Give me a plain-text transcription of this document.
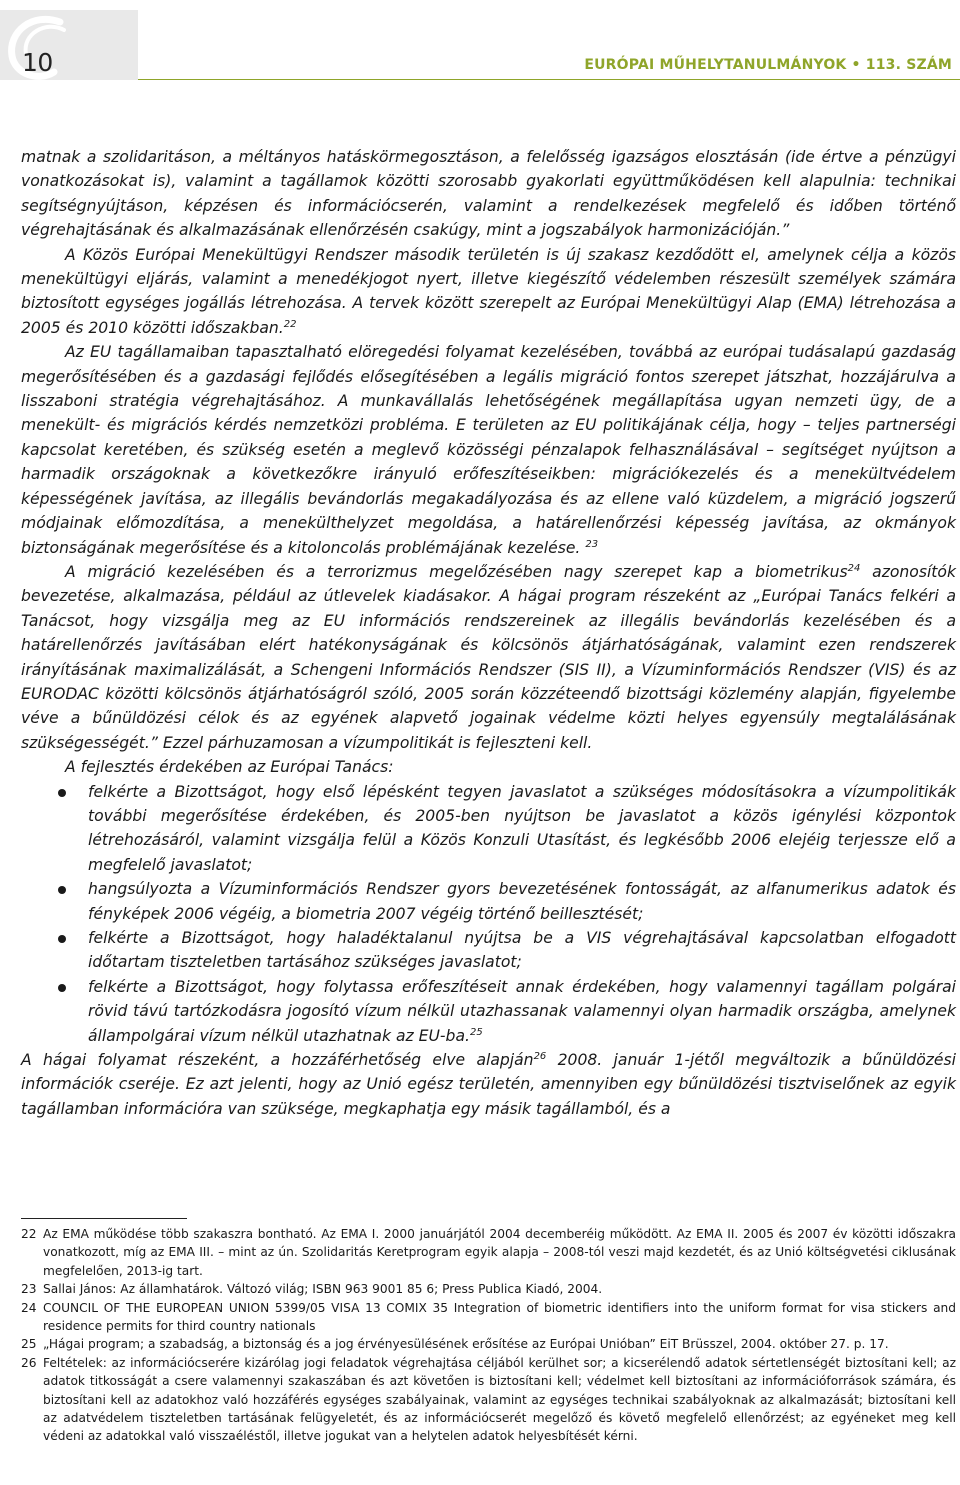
10	EURÓPAI MŰHELYTANULMÁNYOK • 113. SZÁM

matnak a szolidaritáson, a méltányos hatáskörmegosztáson, a felelősség igazságos elosztásán (ide értve a pénzügyi vonatkozásokat is), valamint a tagállamok közötti szorosabb gyakorlati együttműködésen kell alapulnia: technikai segítségnyújtáson, képzésen és információcserén, valamint a rendelkezések megfelelő és időben történő végrehajtásának és alkalmazásának ellenőrzésén csakúgy, mint a jogszabályok harmonizációján.”

A Közös Európai Menekültügyi Rendszer második területén is új szakasz kezdődött el, amelynek célja a közös menekültügyi eljárás, valamint a menedékjogot nyert, illetve kiegészítő védelemben részesült személyek számára biztosított egységes jogállás létrehozása. A tervek között szerepelt az Európai Menekültügyi Alap (EMA) létrehozása a 2005 és 2010 közötti időszakban.$^{22}$

Az EU tagállamaiban tapasztalható elöregedési folyamat kezelésében, továbbá az európai tudásalapú gazdaság megerősítésében és a gazdasági fejlődés elősegítésében a legális migráció fontos szerepet játszhat, hozzájárulva a lisszaboni stratégia végrehajtásához. A munkavállalás lehetőségének megállapítása ugyan nemzeti ügy, de a menekült- és migrációs kérdés nemzetközi probléma. E területen az EU politikájának célja, hogy – teljes partnerségi kapcsolat keretében, és szükség esetén a meglevő közösségi pénzalapok felhasználásával – segítséget nyújtson a harmadik országoknak a következőkre irányuló erőfeszítéseikben: migrációkezelés és a menekültvédelem képességének javítása, az illegális bevándorlás megakadályozása és az ellene való küzdelem, a migráció jogszerű módjainak előmozdítása, a menekülthelyzet megoldása, a határellenőrzési képesség javítása, az okmányok biztonságának megerősítése és a kitoloncolás problémájának kezelése. $^{23}$

A migráció kezelésében és a terrorizmus megelőzésében nagy szerepet kap a biometrikus$^{24}$ azonosítók bevezetése, alkalmazása, például az útlevelek kiadásakor. A hágai program részeként az „Európai Tanács felkéri a Tanácsot, hogy vizsgálja meg az EU információs rendszereinek az illegális bevándorlás kezelésében és a határellenőrzés javításában elért hatékonyságának és kölcsönös átjárhatóságának, valamint ezen rendszerek irányításának maximalizálását, a Schengeni Információs Rendszer (SIS II), a Vízuminformációs Rendszer (VIS) és az EURODAC közötti kölcsönös átjárhatóságról szóló, 2005 során közzéteendő bizottsági közlemény alapján, figyelembe véve a bűnüldözési célok és az egyének alapvető jogainak védelme közti helyes egyensúly megtalálásának szükségességét.” Ezzel párhuzamosan a vízumpolitikát is fejleszteni kell.

A fejlesztés érdekében az Európai Tanács:

felkérte a Bizottságot, hogy első lépésként tegyen javaslatot a szükséges módosításokra a vízumpolitikák további megerősítése érdekében, és 2005-ben nyújtson be javaslatot a közös igénylési központok létrehozásáról, valamint vizsgálja felül a Közös Konzuli Utasítást, és legkésőbb 2006 elejéig terjessze elő a megfelelő javaslatot;
hangsúlyozta a Vízuminformációs Rendszer gyors bevezetésének fontosságát, az alfanumerikus adatok és fényképek 2006 végéig, a biometria 2007 végéig történő beillesztését;
felkérte a Bizottságot, hogy haladéktalanul nyújtsa be a VIS végrehajtásával kapcsolatban elfogadott időtartam tiszteletben tartásához szükséges javaslatot;
felkérte a Bizottságot, hogy folytassa erőfeszítéseit annak érdekében, hogy valamennyi tagállam polgárai rövid távú tartózkodásra jogosító vízum nélkül utazhassanak valamennyi olyan harmadik országba, amelynek állampolgárai vízum nélkül utazhatnak az EU-ba.$^{25}$

A hágai folyamat részeként, a hozzáférhetőség elve alapján$^{26}$ 2008. január 1-jétől megváltozik a bűnüldözési információk cseréje. Ez azt jelenti, hogy az Unió egész területén, amennyiben egy bűnüldözési tisztviselőnek az egyik tagállamban információra van szüksége, megkaphatja egy másik tagállamból, és a

22 Az EMA működése több szakaszra bontható. Az EMA I. 2000 januárjától 2004 decemberéig működött. Az EMA II. 2005 és 2007 év közötti időszakra vonatkozott, míg az EMA III. – mint az ún. Szolidaritás Keretprogram egyik alapja – 2008-tól veszi majd kezdetét, és az Unió költségvetési ciklusának megfelelően, 2013-ig tart.

23 Sallai János: Az államhatárok. Változó világ; ISBN 963 9001 85 6; Press Publica Kiadó, 2004.

24 COUNCIL OF THE EUROPEAN UNION 5399/05 VISA 13 COMIX 35 Integration of biometric identifiers into the uniform format for visa stickers and residence permits for third country nationals

25 „Hágai program; a szabadság, a biztonság és a jog érvényesülésének erősítése az Európai Unióban” EiT Brüsszel, 2004. október 27. p. 17.

26 Feltételek: az információcserére kizárólag jogi feladatok végrehajtása céljából kerülhet sor; a kicserélendő adatok sértetlenségét biztosítani kell; az adatok titkosságát a csere valamennyi szakaszában és azt követően is biztosítani kell; védelmet kell biztosítani az információforrások számára, és biztosítani kell az adatokhoz való hozzáférés egységes szabályainak, valamint az egységes technikai szabályoknak az alkalmazását; biztosítani kell az adatvédelem tiszteletben tartásának felügyeletét, és az információcserét megelőző és követő megfelelő ellenőrzést; az egyéneket meg kell védeni az adatokkal való visszaéléstől, illetve jogukat van a helytelen adatok helyesbítését kérni.
